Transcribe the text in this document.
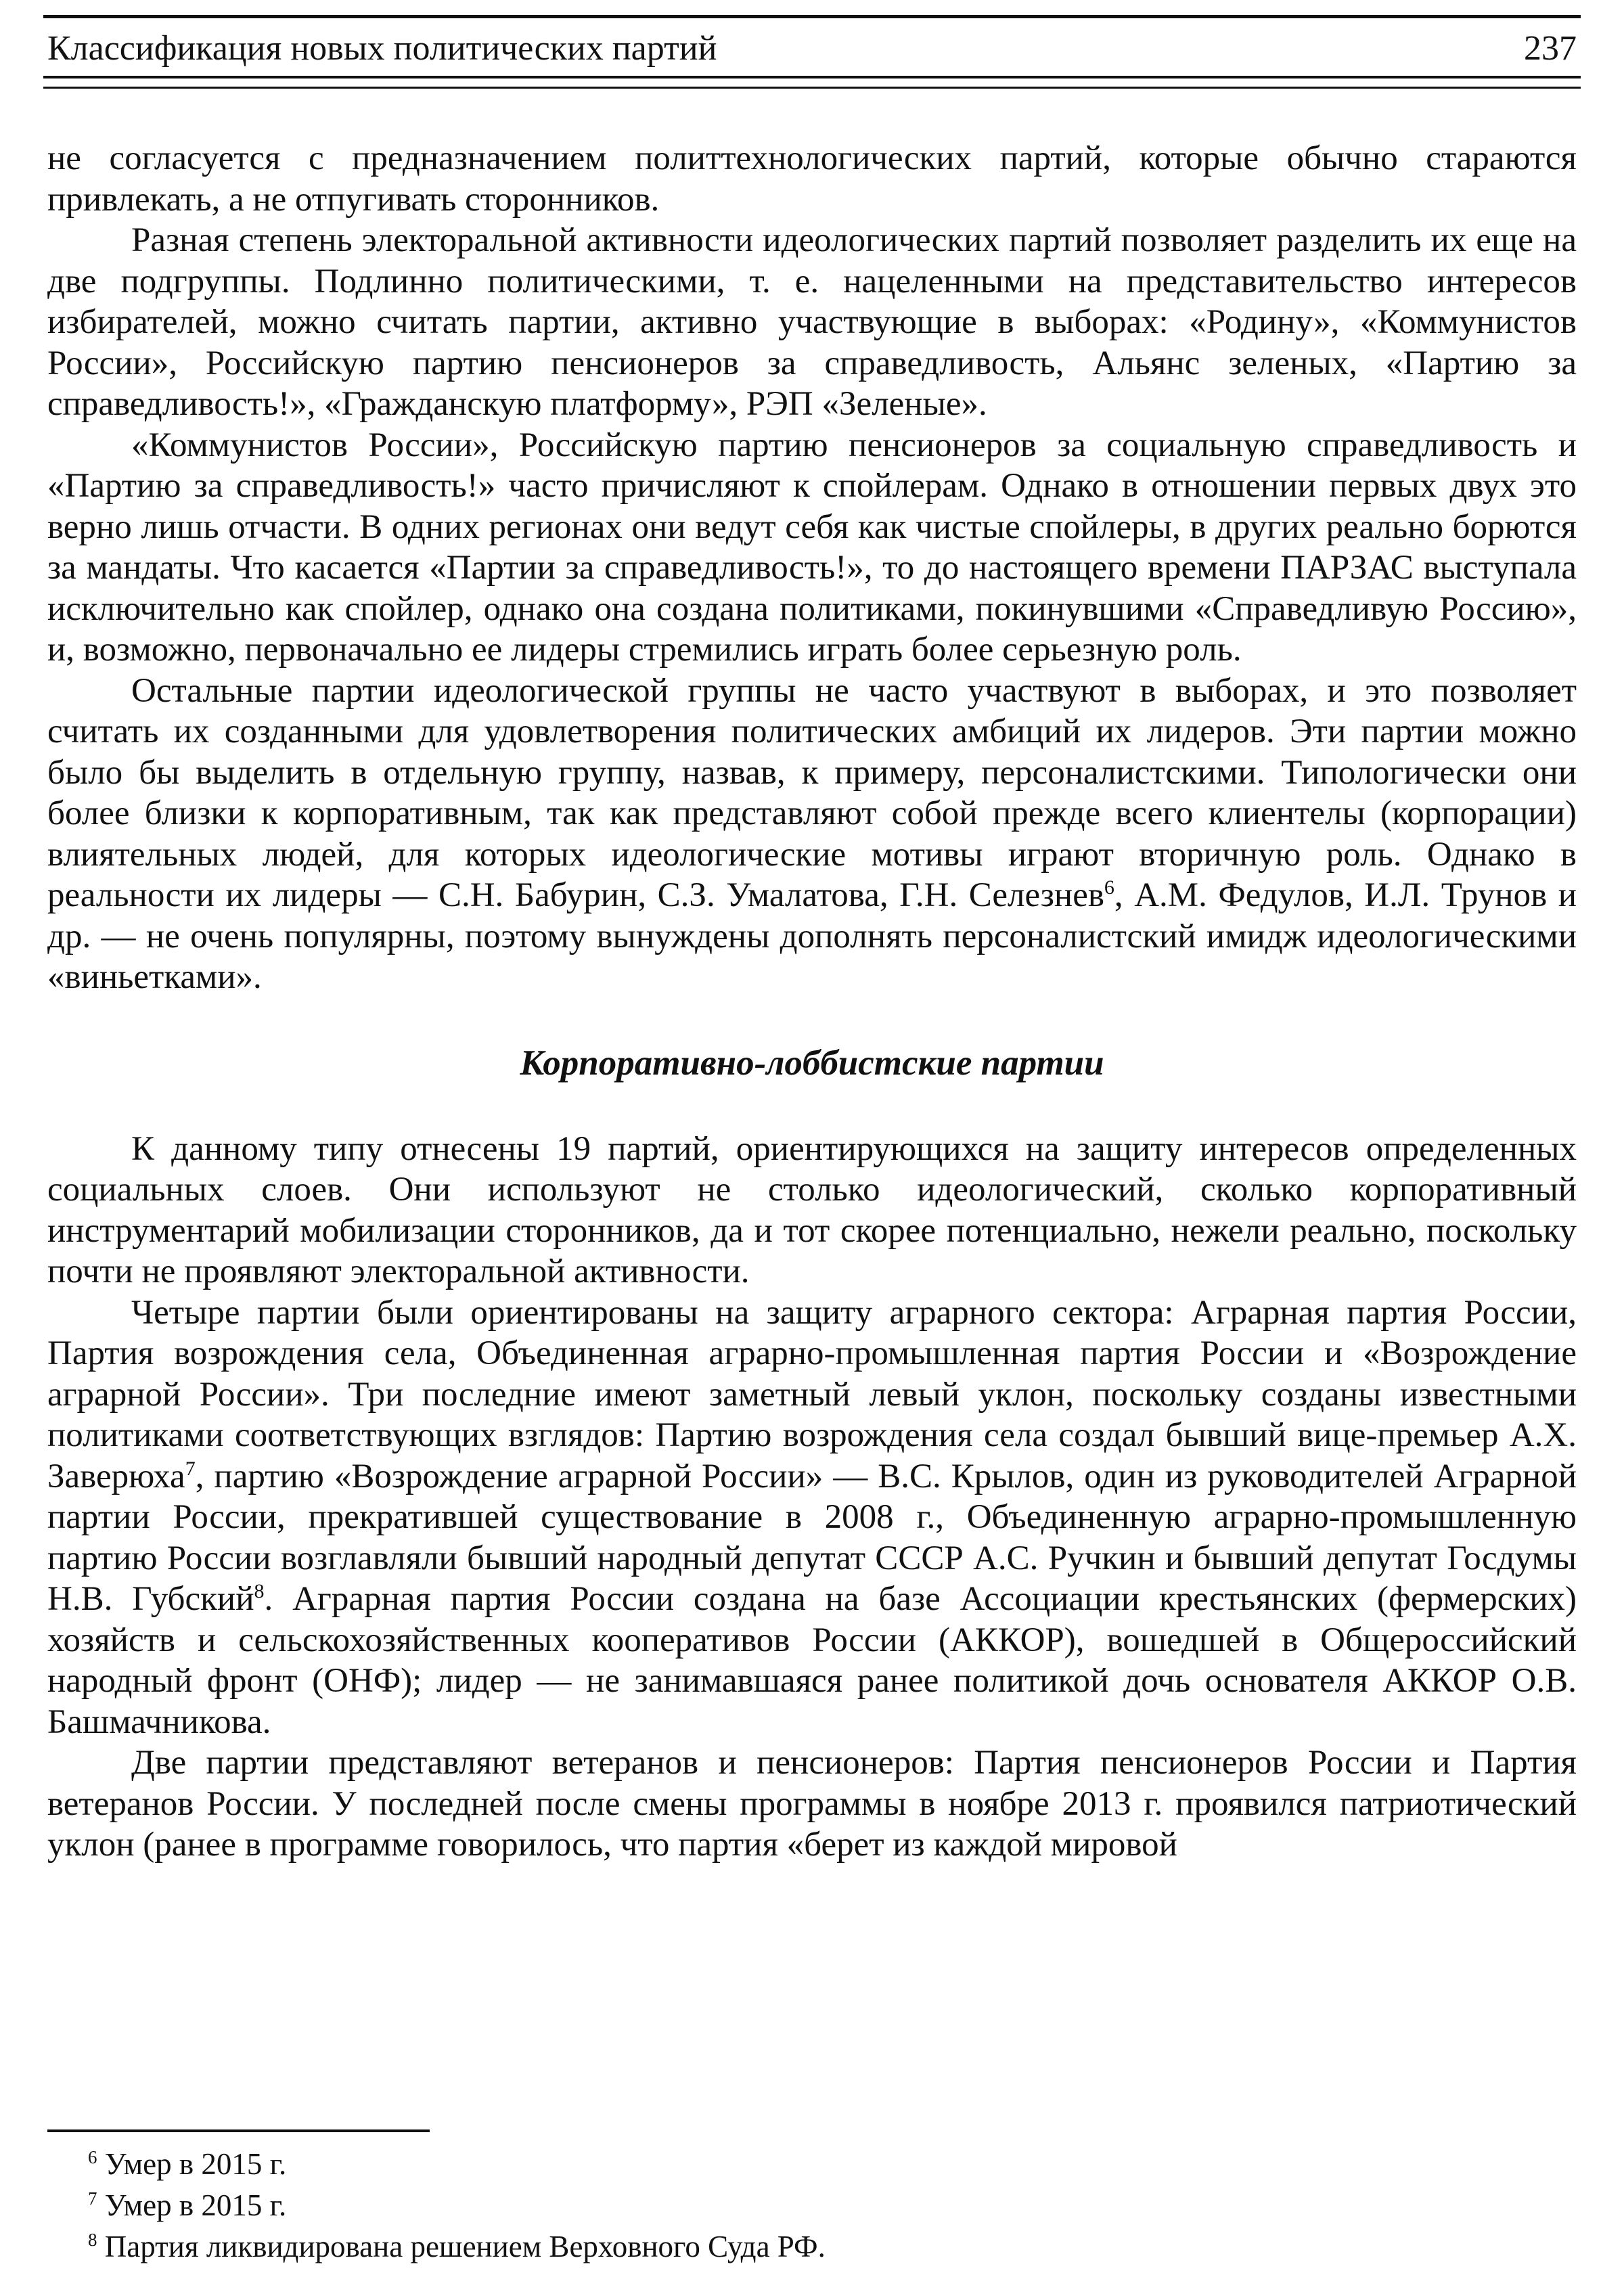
Классификация новых политических партий	237

не согласуется с предназначением политтехнологических партий, которые обычно стараются привлекать, а не отпугивать сторонников.

Разная степень электоральной активности идеологических партий позволяет разделить их еще на две подгруппы. Подлинно политическими, т. е. нацеленными на представительство интересов избирателей, можно считать партии, активно участвующие в выборах: «Родину», «Коммунистов России», Российскую партию пенсионеров за справедливость, Альянс зеленых, «Партию за справедливость!», «Гражданскую платформу», РЭП «Зеленые».

«Коммунистов России», Российскую партию пенсионеров за социальную справедливость и «Партию за справедливость!» часто причисляют к спойлерам. Однако в отношении первых двух это верно лишь отчасти. В одних регионах они ведут себя как чистые спойлеры, в других реально борются за мандаты. Что касается «Партии за справедливость!», то до настоящего времени ПАРЗАС выступала исключительно как спойлер, однако она создана политиками, покинувшими «Справедливую Россию», и, возможно, первоначально ее лидеры стремились играть более серьезную роль.

Остальные партии идеологической группы не часто участвуют в выборах, и это позволяет считать их созданными для удовлетворения политических амбиций их лидеров. Эти партии можно было бы выделить в отдельную группу, назвав, к примеру, персоналистскими. Типологически они более близки к корпоративным, так как представляют собой прежде всего клиентелы (корпорации) влиятельных людей, для которых идеологические мотивы играют вторичную роль. Однако в реальности их лидеры — С.Н. Бабурин, С.З. Умалатова, Г.Н. Селезнев$^6$, А.М. Федулов, И.Л. Трунов и др. — не очень популярны, поэтому вынуждены дополнять персоналистский имидж идеологическими «виньетками».

Корпоративно-лоббистские партии

К данному типу отнесены 19 партий, ориентирующихся на защиту интересов определенных социальных слоев. Они используют не столько идеологический, сколько корпоративный инструментарий мобилизации сторонников, да и тот скорее потенциально, нежели реально, поскольку почти не проявляют электоральной активности.

Четыре партии были ориентированы на защиту аграрного сектора: Аграрная партия России, Партия возрождения села, Объединенная аграрно-промышленная партия России и «Возрождение аграрной России». Три последние имеют заметный левый уклон, поскольку созданы известными политиками соответствующих взглядов: Партию возрождения села создал бывший вице-премьер А.Х. Заверюха$^7$, партию «Возрождение аграрной России» — В.С. Крылов, один из руководителей Аграрной партии России, прекратившей существование в 2008 г., Объединенную аграрно-промышленную партию России возглавляли бывший народный депутат СССР А.С. Ручкин и бывший депутат Госдумы Н.В. Губский$^8$. Аграрная партия России создана на базе Ассоциации крестьянских (фермерских) хозяйств и сельскохозяйственных кооперативов России (АККОР), вошедшей в Общероссийский народный фронт (ОНФ); лидер — не занимавшаяся ранее политикой дочь основателя АККОР О.В. Башмачникова.

Две партии представляют ветеранов и пенсионеров: Партия пенсионеров России и Партия ветеранов России. У последней после смены программы в ноябре 2013 г. проявился патриотический уклон (ранее в программе говорилось, что партия «берет из каждой мировой

$^6$ Умер в 2015 г.
$^7$ Умер в 2015 г.
$^8$ Партия ликвидирована решением Верховного Суда РФ.
